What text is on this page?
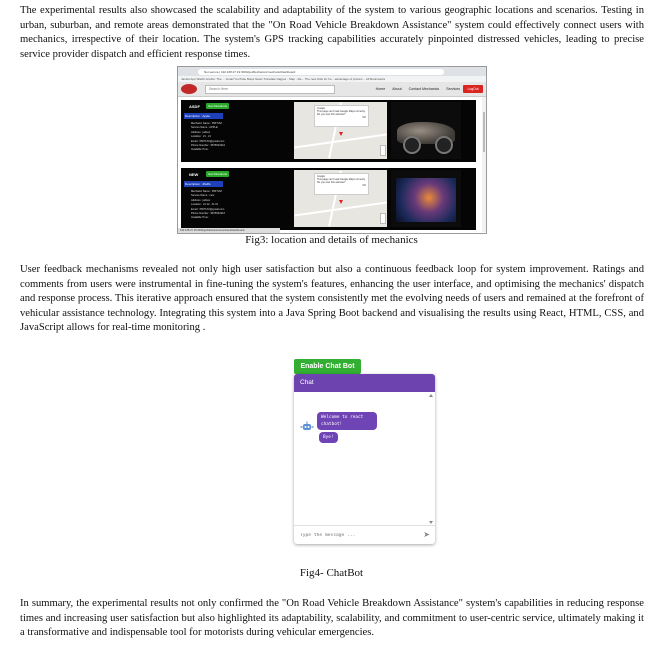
The experimental results also showcased the scalability and adaptability of the system to various geographic locations and scenarios. Testing in urban, suburban, and remote areas demonstrated that the "On Road Vehicle Breakdown Assistance" system could effectively connect users with mechanics, irrespective of their location. The system's GPS tracking capabilities accurately pinpointed distressed vehicles, leading to precise service provider dispatch and efficient response times.

Not secure | 192.168.27.19:3000/getMechanics/mechanicDashboard
Jamkit App Watch Anubis: The ... Gmail YouTube Maps News Translate Nagpur - Map - Re... The new Kids for ho... advantage of prolunc... All Bookmarks
Search Here	Home About Contact Mechanics Services	LogOut
ASDF	Get Directions
Description : Apple
Mechanic Name : PRITHVI
Service Name : APPLE
Address : jalloun
Location : 21 , 21
Email : PRITHVI@gmail.com
Phone Number : 9876543210
Available Time :
Google
This page can't load Google Maps correctly.
Do you own this website?
OK
NEW	Get Directions
Description : dfsdfs
Mechanic Name : PRITHVI
Service Name : new
Address : jalloun
Location : 21.12 , 21.01
Email : PRITHVI@gmail.com
Phone Number : 9876543210
Available Time :
Google
This page can't load Google Maps correctly.
Do you own this website?
OK
192.168.27.19:3000/getMechanics/mechanicDashboard
Fig3: location and details of mechanics

User feedback mechanisms revealed not only high user satisfaction but also a continuous feedback loop for system improvement. Ratings and comments from users were instrumental in fine-tuning the system's features, enhancing the user interface, and optimising the mechanics' dispatch and response process. This iterative approach ensured that the system consistently met the evolving needs of users and remained at the forefront of vehicular assistance technology. Integrating this system into a Java Spring Boot backend and visualising the results using React, HTML, CSS, and JavaScript allows for real-time monitoring .

Enable Chat Bot
Chat
Welcome to react chatbot!
Bye!
Type the message ...
➤
Fig4- ChatBot

In summary, the experimental results not only confirmed the "On Road Vehicle Breakdown Assistance" system's capabilities in reducing response times and increasing user satisfaction but also highlighted its adaptability, scalability, and commitment to user-centric service, ultimately making it a transformative and indispensable tool for motorists during vehicular emergencies.
